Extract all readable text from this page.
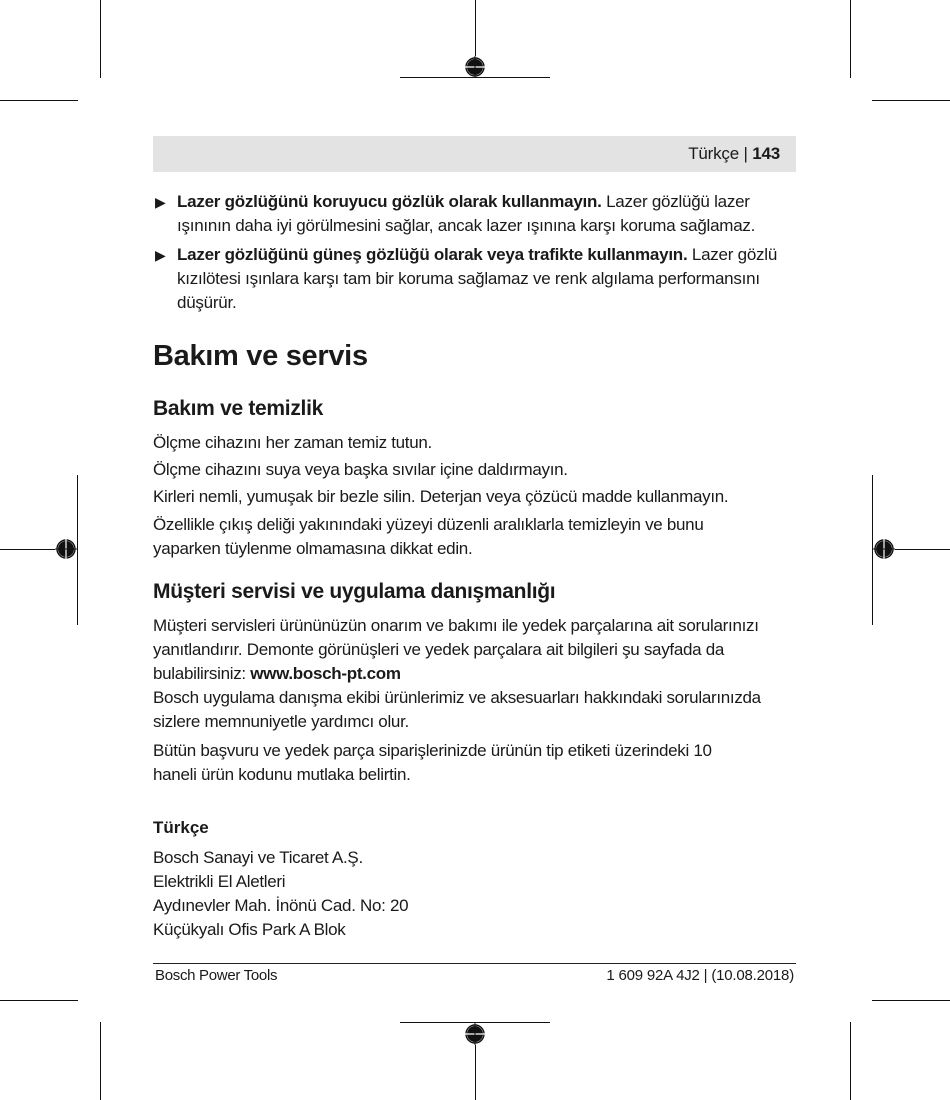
Türkçe | 143
▶ Lazer gözlüğünü koruyucu gözlük olarak kullanmayın. Lazer gözlüğü lazer
ışınının daha iyi görülmesini sağlar, ancak lazer ışınına karşı koruma sağlamaz.
▶ Lazer gözlüğünü güneş gözlüğü olarak veya trafikte kullanmayın. Lazer gözlü
kızılötesi ışınlara karşı tam bir koruma sağlamaz ve renk algılama performansını
düşürür.
Bakım ve servis
Bakım ve temizlik
Ölçme cihazını her zaman temiz tutun.
Ölçme cihazını suya veya başka sıvılar içine daldırmayın.
Kirleri nemli, yumuşak bir bezle silin. Deterjan veya çözücü madde kullanmayın.
Özellikle çıkış deliği yakınındaki yüzeyi düzenli aralıklarla temizleyin ve bunu
yaparken tüylenme olmamasına dikkat edin.
Müşteri servisi ve uygulama danışmanlığı
Müşteri servisleri ürününüzün onarım ve bakımı ile yedek parçalarına ait sorularınızı
yanıtlandırır. Demonte görünüşleri ve yedek parçalara ait bilgileri şu sayfada da
bulabilirsiniz: www.bosch-pt.com
Bosch uygulama danışma ekibi ürünlerimiz ve aksesuarları hakkındaki sorularınızda
sizlere memnuniyetle yardımcı olur.
Bütün başvuru ve yedek parça siparişlerinizde ürünün tip etiketi üzerindeki 10
haneli ürün kodunu mutlaka belirtin.
Türkçe
Bosch Sanayi ve Ticaret A.Ş.
Elektrikli El Aletleri
Aydınevler Mah. İnönü Cad. No: 20
Küçükyalı Ofis Park A Blok
Bosch Power Tools	1 609 92A 4J2 | (10.08.2018)
